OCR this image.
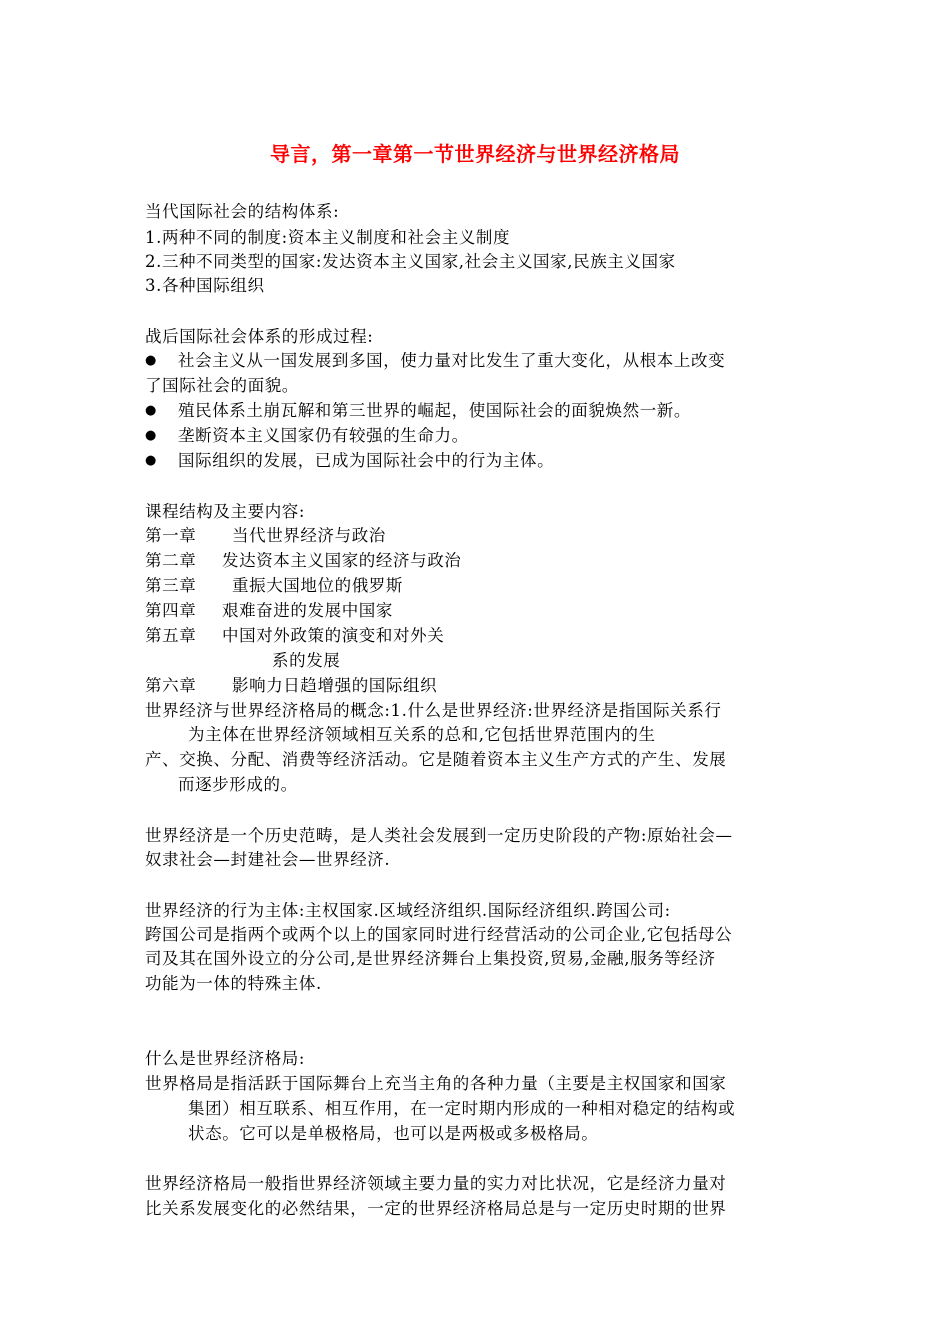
导言，第一章第一节世界经济与世界经济格局
当代国际社会的结构体系:
1.两种不同的制度:资本主义制度和社会主义制度
2.三种不同类型的国家:发达资本主义国家,社会主义国家,民族主义国家
3.各种国际组织
战后国际社会体系的形成过程:
● 社会主义从一国发展到多国，使力量对比发生了重大变化，从根本上改变
了国际社会的面貌。
● 殖民体系土崩瓦解和第三世界的崛起，使国际社会的面貌焕然一新。
● 垄断资本主义国家仍有较强的生命力。
● 国际组织的发展，已成为国际社会中的行为主体。
课程结构及主要内容:
第一章 当代世界经济与政治
第二章 发达资本主义国家的经济与政治
第三章 重振大国地位的俄罗斯
第四章 艰难奋进的发展中国家
第五章 中国对外政策的演变和对外关
系的发展
第六章 影响力日趋增强的国际组织
世界经济与世界经济格局的概念:1.什么是世界经济:世界经济是指国际关系行
为主体在世界经济领域相互关系的总和,它包括世界范围内的生
产、交换、分配、消费等经济活动。它是随着资本主义生产方式的产生、发展
而逐步形成的。
世界经济是一个历史范畴，是人类社会发展到一定历史阶段的产物:原始社会—
奴隶社会—封建社会—世界经济.
世界经济的行为主体:主权国家.区域经济组织.国际经济组织.跨国公司:
跨国公司是指两个或两个以上的国家同时进行经营活动的公司企业,它包括母公
司及其在国外设立的分公司,是世界经济舞台上集投资,贸易,金融,服务等经济
功能为一体的特殊主体.
什么是世界经济格局:
世界格局是指活跃于国际舞台上充当主角的各种力量（主要是主权国家和国家
集团）相互联系、相互作用，在一定时期内形成的一种相对稳定的结构或
状态。它可以是单极格局，也可以是两极或多极格局。
世界经济格局一般指世界经济领域主要力量的实力对比状况，它是经济力量对
比关系发展变化的必然结果，一定的世界经济格局总是与一定历史时期的世界
